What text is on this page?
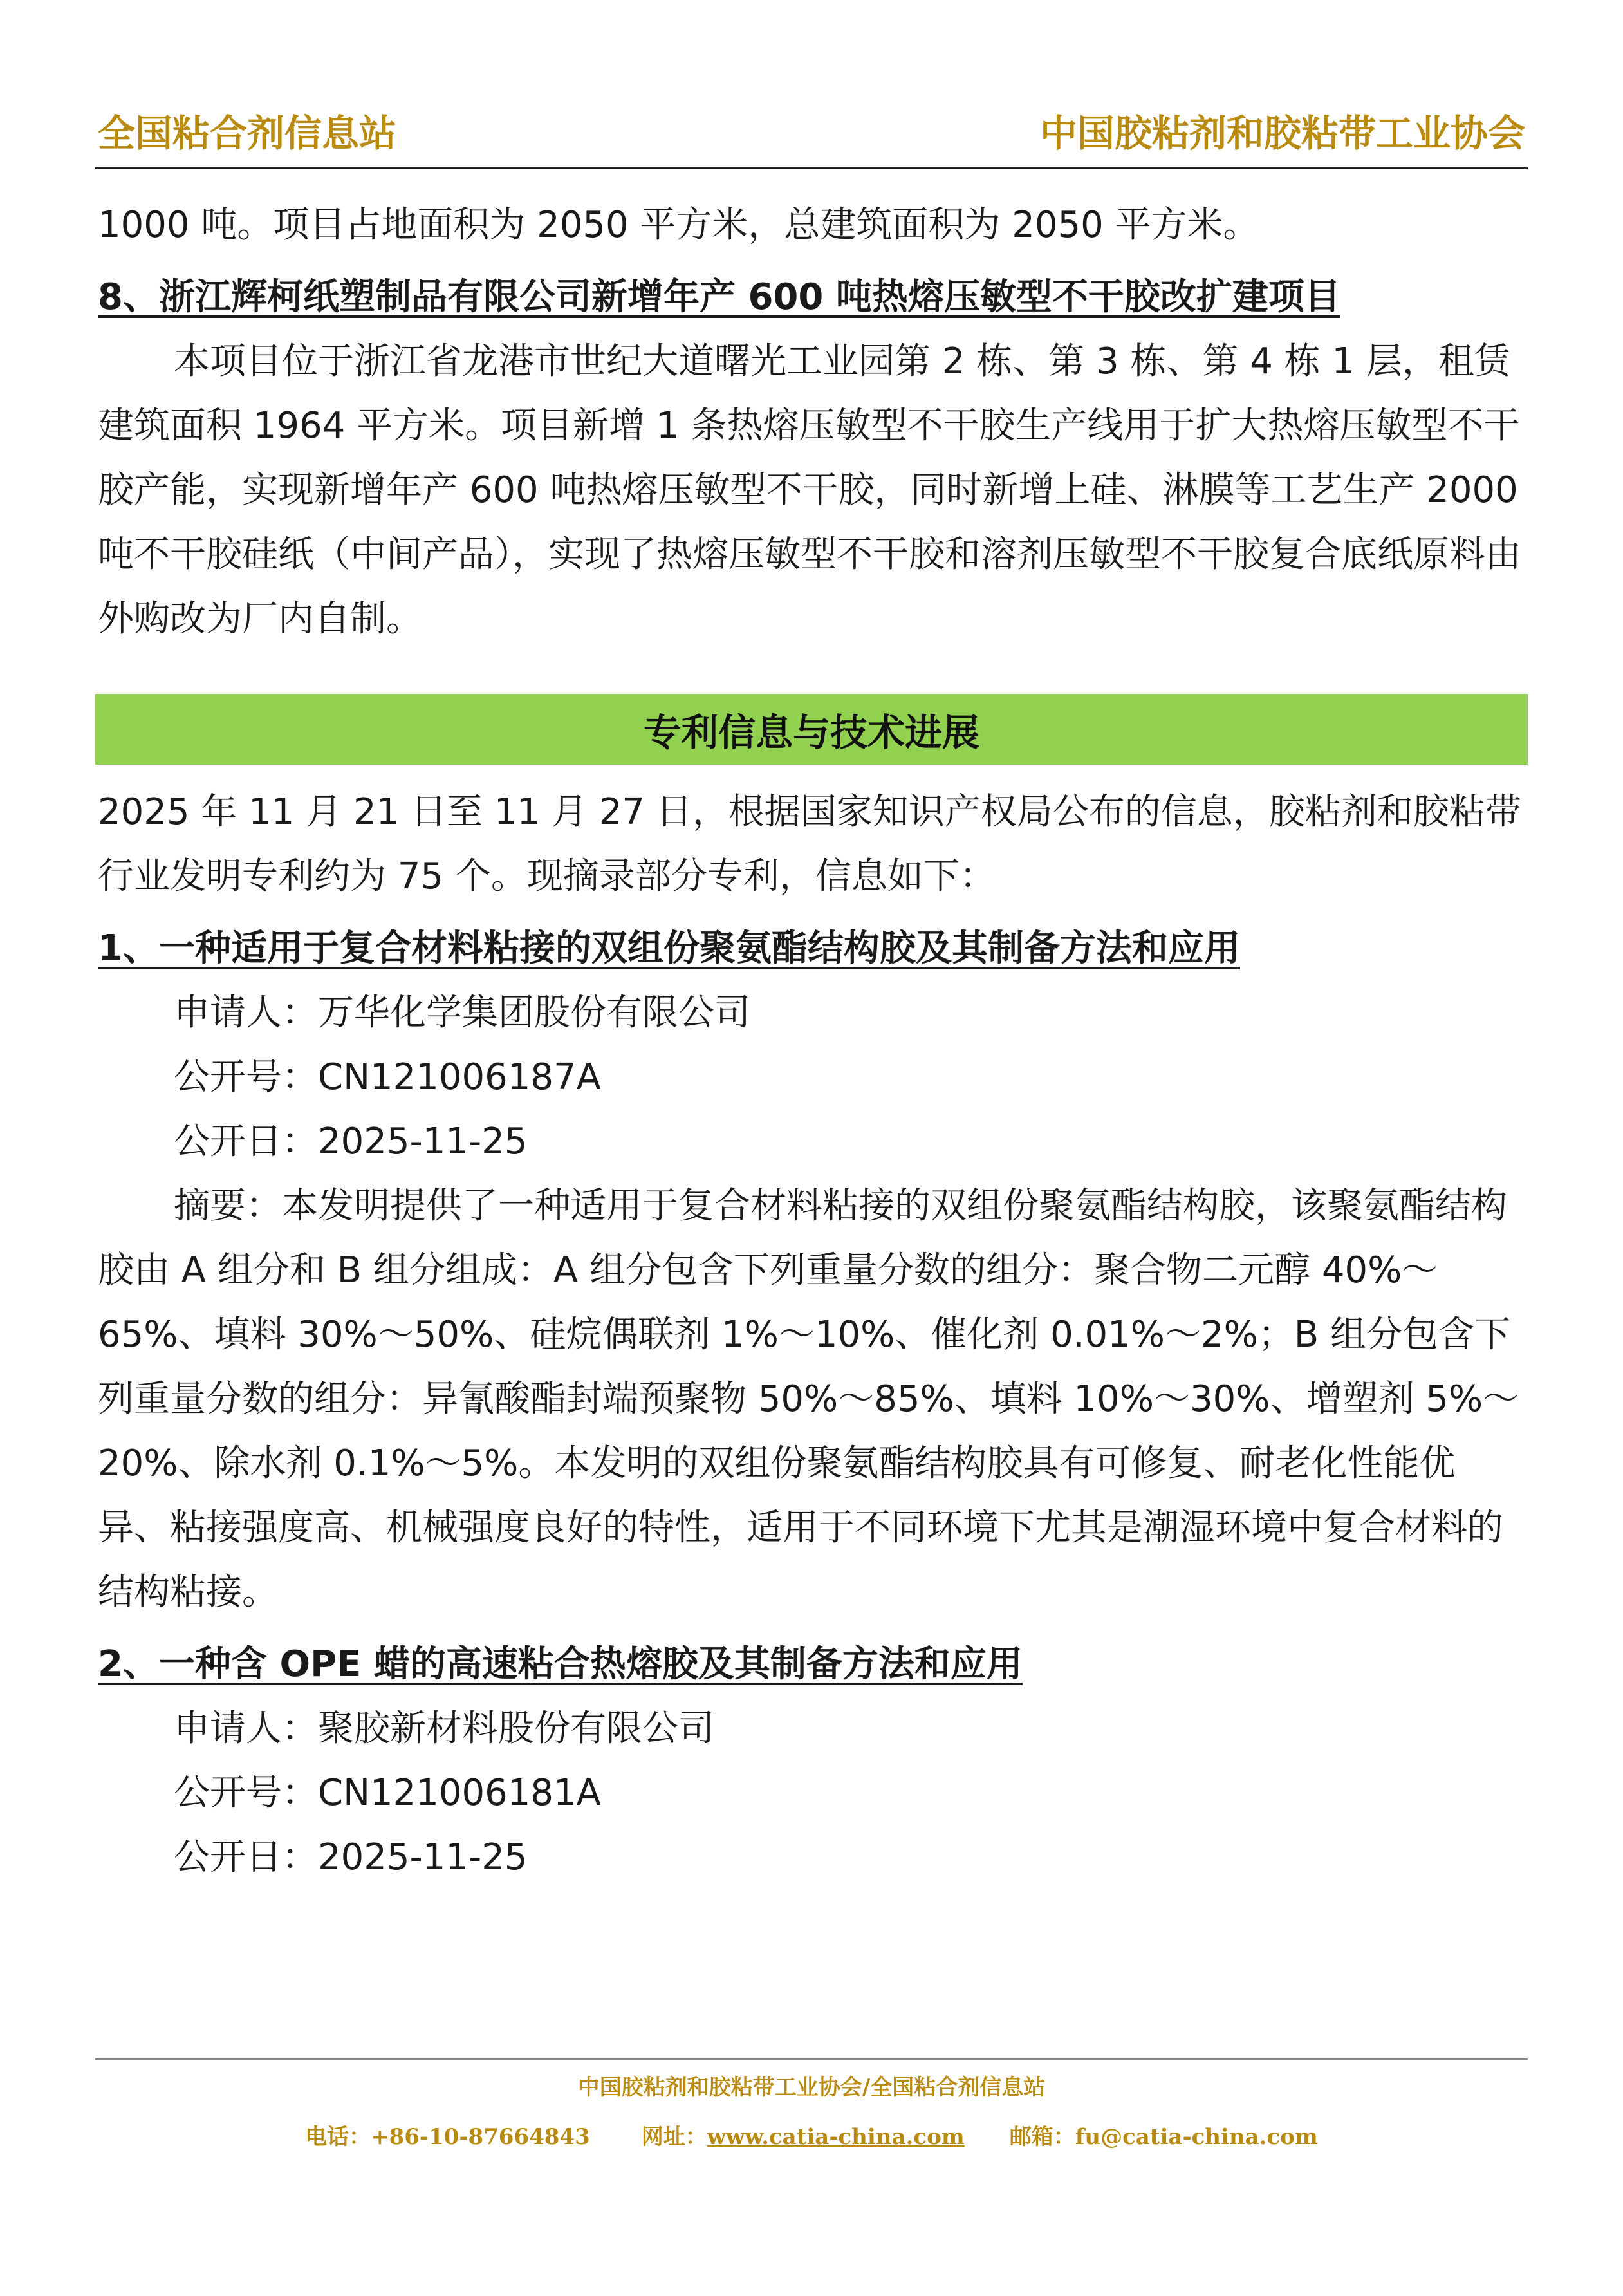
全国粘合剂信息站	中国胶粘剂和胶粘带工业协会

1000 吨。项目占地面积为 2050 平方米，总建筑面积为 2050 平方米。

8、浙江辉柯纸塑制品有限公司新增年产 600 吨热熔压敏型不干胶改扩建项目

本项目位于浙江省龙港市世纪大道曙光工业园第 2 栋、第 3 栋、第 4 栋 1 层，租赁建筑面积 1964 平方米。项目新增 1 条热熔压敏型不干胶生产线用于扩大热熔压敏型不干胶产能，实现新增年产 600 吨热熔压敏型不干胶，同时新增上硅、淋膜等工艺生产 2000 吨不干胶硅纸（中间产品），实现了热熔压敏型不干胶和溶剂压敏型不干胶复合底纸原料由外购改为厂内自制。

专利信息与技术进展

2025 年 11 月 21 日至 11 月 27 日，根据国家知识产权局公布的信息，胶粘剂和胶粘带行业发明专利约为 75 个。现摘录部分专利，信息如下：

1、一种适用于复合材料粘接的双组份聚氨酯结构胶及其制备方法和应用

申请人：万华化学集团股份有限公司

公开号：CN121006187A

公开日：2025-11-25

摘要：本发明提供了一种适用于复合材料粘接的双组份聚氨酯结构胶，该聚氨酯结构胶由 A 组分和 B 组分组成：A 组分包含下列重量分数的组分：聚合物二元醇 40%～65%、填料 30%～50%、硅烷偶联剂 1%～10%、催化剂 0.01%～2%；B 组分包含下列重量分数的组分：异氰酸酯封端预聚物 50%～85%、填料 10%～30%、增塑剂 5%～20%、除水剂 0.1%～5%。本发明的双组份聚氨酯结构胶具有可修复、耐老化性能优异、粘接强度高、机械强度良好的特性，适用于不同环境下尤其是潮湿环境中复合材料的结构粘接。

2、一种含 OPE 蜡的高速粘合热熔胶及其制备方法和应用

申请人：聚胶新材料股份有限公司

公开号：CN121006181A

公开日：2025-11-25

中国胶粘剂和胶粘带工业协会/全国粘合剂信息站
电话：+86-10-87664843 网址：www.catia-china.com 邮箱：fu@catia-china.com
